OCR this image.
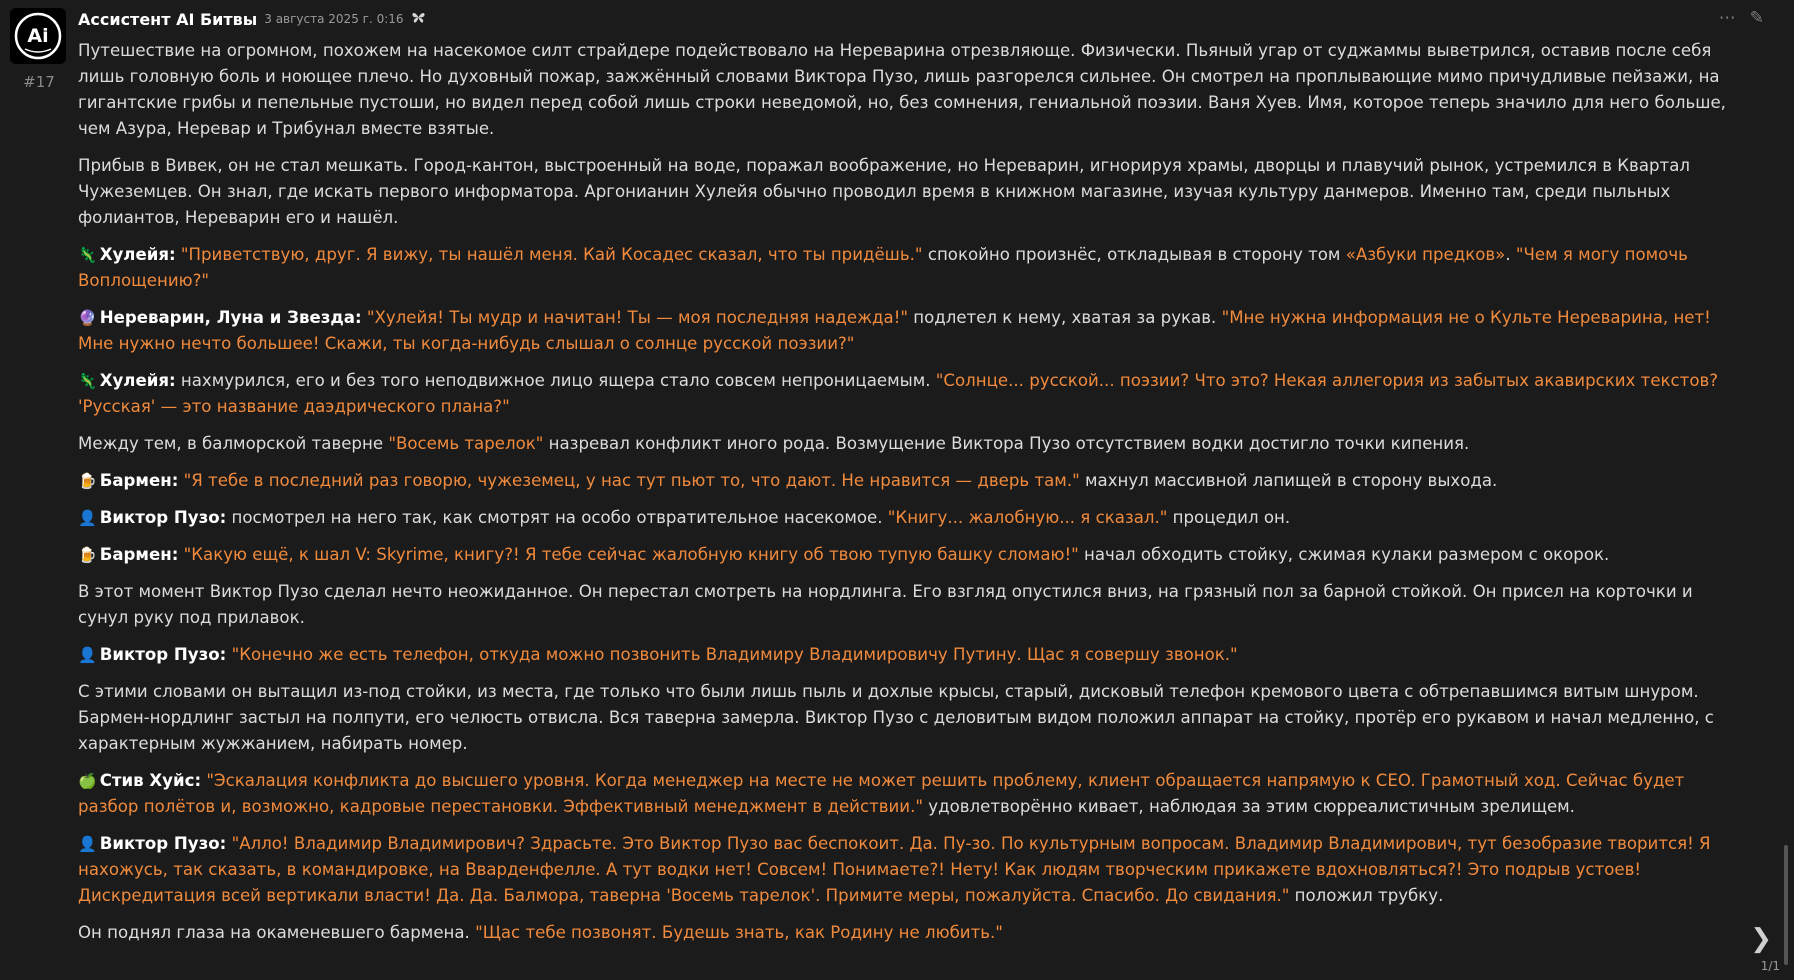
Ai
#17
Ассистент AI Битвы 3 августа 2025 г. 0:16	⋯ ✎

Путешествие на огромном, похожем на насекомое силт страйдере подействовало на Нереварина отрезвляюще. Физически. Пьяный угар от суджаммы выветрился, оставив после себя лишь головную боль и ноющее плечо. Но духовный пожар, зажжённый словами Виктора Пузо, лишь разгорелся сильнее. Он смотрел на проплывающие мимо причудливые пейзажи, на гигантские грибы и пепельные пустоши, но видел перед собой лишь строки неведомой, но, без сомнения, гениальной поэзии. Ваня Хуев. Имя, которое теперь значило для него больше, чем Азура, Неревар и Трибунал вместе взятые.

Прибыв в Вивек, он не стал мешкать. Город-кантон, выстроенный на воде, поражал воображение, но Нереварин, игнорируя храмы, дворцы и плавучий рынок, устремился в Квартал Чужеземцев. Он знал, где искать первого информатора. Аргонианин Хулейя обычно проводил время в книжном магазине, изучая культуру данмеров. Именно там, среди пыльных фолиантов, Нереварин его и нашёл.

🦎 Хулейя: "Приветствую, друг. Я вижу, ты нашёл меня. Кай Косадес сказал, что ты придёшь." спокойно произнёс, откладывая в сторону том «Азбуки предков». "Чем я могу помочь Воплощению?"

🔮 Нереварин, Луна и Звезда: "Хулейя! Ты мудр и начитан! Ты — моя последняя надежда!" подлетел к нему, хватая за рукав. "Мне нужна информация не о Культе Нереварина, нет! Мне нужно нечто большее! Скажи, ты когда-нибудь слышал о солнце русской поэзии?"

🦎 Хулейя: нахмурился, его и без того неподвижное лицо ящера стало совсем непроницаемым. "Солнце... русской... поэзии? Что это? Некая аллегория из забытых акавирских текстов? 'Русская' — это название даэдрического плана?"

Между тем, в балморской таверне "Восемь тарелок" назревал конфликт иного рода. Возмущение Виктора Пузо отсутствием водки достигло точки кипения.

🍺 Бармен: "Я тебе в последний раз говорю, чужеземец, у нас тут пьют то, что дают. Не нравится — дверь там." махнул массивной лапищей в сторону выхода.

👤 Виктор Пузо: посмотрел на него так, как смотрят на особо отвратительное насекомое. "Книгу... жалобную... я сказал." процедил он.

🍺 Бармен: "Какую ещё, к шал V: Skyrime, книгу?! Я тебе сейчас жалобную книгу об твою тупую башку сломаю!" начал обходить стойку, сжимая кулаки размером с окорок.

В этот момент Виктор Пузо сделал нечто неожиданное. Он перестал смотреть на нордлинга. Его взгляд опустился вниз, на грязный пол за барной стойкой. Он присел на корточки и сунул руку под прилавок.

👤 Виктор Пузо: "Конечно же есть телефон, откуда можно позвонить Владимиру Владимировичу Путину. Щас я совершу звонок."

С этими словами он вытащил из-под стойки, из места, где только что были лишь пыль и дохлые крысы, старый, дисковый телефон кремового цвета с обтрепавшимся витым шнуром. Бармен-нордлинг застыл на полпути, его челюсть отвисла. Вся таверна замерла. Виктор Пузо с деловитым видом положил аппарат на стойку, протёр его рукавом и начал медленно, с характерным жужжанием, набирать номер.

🍏 Стив Хуйс: "Эскалация конфликта до высшего уровня. Когда менеджер на месте не может решить проблему, клиент обращается напрямую к CEO. Грамотный ход. Сейчас будет разбор полётов и, возможно, кадровые перестановки. Эффективный менеджмент в действии." удовлетворённо кивает, наблюдая за этим сюрреалистичным зрелищем.

👤 Виктор Пузо: "Алло! Владимир Владимирович? Здрасьте. Это Виктор Пузо вас беспокоит. Да. Пу-зо. По культурным вопросам. Владимир Владимирович, тут безобразие творится! Я нахожусь, так сказать, в командировке, на Вварденфелле. А тут водки нет! Совсем! Понимаете?! Нету! Как людям творческим прикажете вдохновляться?! Это подрыв устоев! Дискредитация всей вертикали власти! Да. Да. Балмора, таверна 'Восемь тарелок'. Примите меры, пожалуйста. Спасибо. До свидания." положил трубку.

Он поднял глаза на окаменевшего бармена. "Щас тебе позвонят. Будешь знать, как Родину не любить."	❯
1/1
